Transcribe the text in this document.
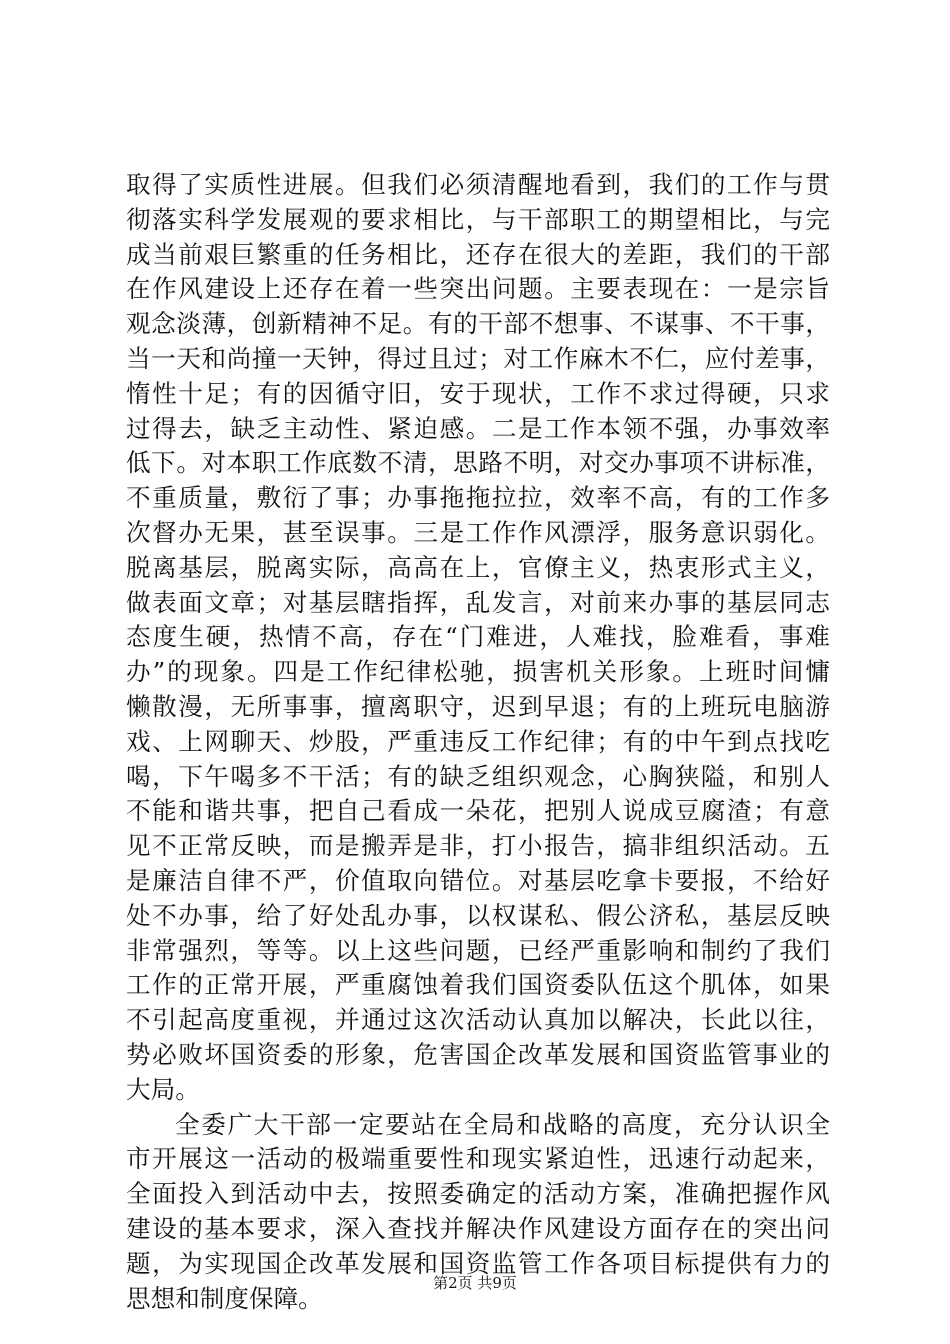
取得了实质性进展。但我们必须清醒地看到，我们的工作与贯
彻落实科学发展观的要求相比，与干部职工的期望相比，与完
成当前艰巨繁重的任务相比，还存在很大的差距，我们的干部
在作风建设上还存在着一些突出问题。主要表现在：一是宗旨
观念淡薄，创新精神不足。有的干部不想事、不谋事、不干事，
当一天和尚撞一天钟，得过且过；对工作麻木不仁，应付差事，
惰性十足；有的因循守旧，安于现状，工作不求过得硬，只求
过得去，缺乏主动性、紧迫感。二是工作本领不强，办事效率
低下。对本职工作底数不清，思路不明，对交办事项不讲标准，
不重质量，敷衍了事；办事拖拖拉拉，效率不高，有的工作多
次督办无果，甚至误事。三是工作作风漂浮，服务意识弱化。
脱离基层，脱离实际，高高在上，官僚主义，热衷形式主义，
做表面文章；对基层瞎指挥，乱发言，对前来办事的基层同志
态度生硬，热情不高，存在“门难进，人难找，脸难看，事难
办”的现象。四是工作纪律松驰，损害机关形象。上班时间慵
懒散漫，无所事事，擅离职守，迟到早退；有的上班玩电脑游
戏、上网聊天、炒股，严重违反工作纪律；有的中午到点找吃
喝，下午喝多不干活；有的缺乏组织观念，心胸狭隘，和别人
不能和谐共事，把自己看成一朵花，把别人说成豆腐渣；有意
见不正常反映，而是搬弄是非，打小报告，搞非组织活动。五
是廉洁自律不严，价值取向错位。对基层吃拿卡要报，不给好
处不办事，给了好处乱办事，以权谋私、假公济私，基层反映
非常强烈，等等。以上这些问题，已经严重影响和制约了我们
工作的正常开展，严重腐蚀着我们国资委队伍这个肌体，如果
不引起高度重视，并通过这次活动认真加以解决，长此以往，
势必败坏国资委的形象，危害国企改革发展和国资监管事业的
大局。
全委广大干部一定要站在全局和战略的高度，充分认识全
市开展这一活动的极端重要性和现实紧迫性，迅速行动起来，
全面投入到活动中去，按照委确定的活动方案，准确把握作风
建设的基本要求，深入查找并解决作风建设方面存在的突出问
题，为实现国企改革发展和国资监管工作各项目标提供有力的
思想和制度保障。
第2页 共9页
